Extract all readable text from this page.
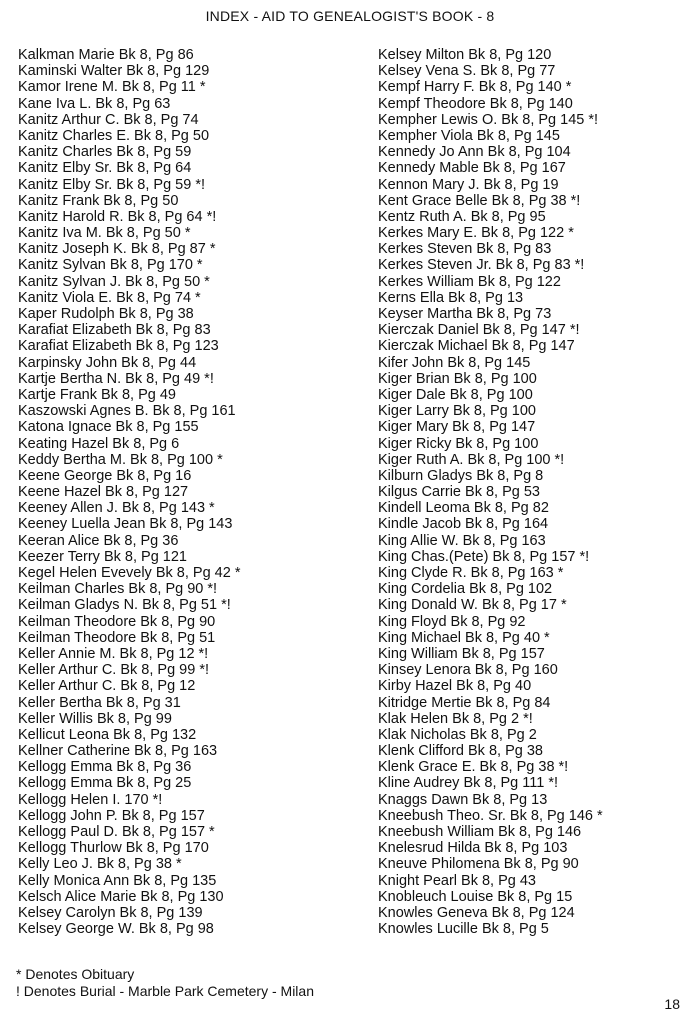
INDEX - AID TO GENEALOGIST'S BOOK - 8
Kalkman Marie Bk 8, Pg 86
Kaminski Walter Bk 8, Pg 129
Kamor Irene M. Bk 8, Pg 11 *
Kane Iva L. Bk 8, Pg 63
Kanitz Arthur C. Bk 8, Pg 74
Kanitz Charles E. Bk 8, Pg 50
Kanitz Charles Bk 8, Pg 59
Kanitz Elby Sr. Bk 8, Pg 64
Kanitz Elby Sr. Bk 8, Pg 59 *!
Kanitz Frank Bk 8, Pg 50
Kanitz Harold R. Bk 8, Pg 64 *!
Kanitz Iva M. Bk 8, Pg 50 *
Kanitz Joseph K. Bk 8, Pg 87 *
Kanitz Sylvan Bk 8, Pg 170 *
Kanitz Sylvan J. Bk 8, Pg 50 *
Kanitz Viola E. Bk 8, Pg 74 *
Kaper Rudolph Bk 8, Pg 38
Karafiat Elizabeth Bk 8, Pg 83
Karafiat Elizabeth Bk 8, Pg 123
Karpinsky John Bk 8, Pg 44
Kartje Bertha N. Bk 8, Pg 49 *!
Kartje Frank Bk 8, Pg 49
Kaszowski Agnes B. Bk 8, Pg 161
Katona Ignace Bk 8, Pg 155
Keating Hazel Bk 8, Pg 6
Keddy Bertha M. Bk 8, Pg 100 *
Keene George Bk 8, Pg 16
Keene Hazel Bk 8, Pg 127
Keeney Allen J. Bk 8, Pg 143 *
Keeney Luella Jean Bk 8, Pg 143
Keeran Alice Bk 8, Pg 36
Keezer Terry Bk 8, Pg 121
Kegel Helen Evevely Bk 8, Pg 42 *
Keilman Charles Bk 8, Pg 90 *!
Keilman Gladys N. Bk 8, Pg 51 *!
Keilman Theodore Bk 8, Pg 90
Keilman Theodore Bk 8, Pg 51
Keller Annie M. Bk 8, Pg 12 *!
Keller Arthur C. Bk 8, Pg 99 *!
Keller Arthur C. Bk 8, Pg 12
Keller Bertha Bk 8, Pg 31
Keller Willis Bk 8, Pg 99
Kellicut Leona Bk 8, Pg 132
Kellner Catherine Bk 8, Pg 163
Kellogg Emma Bk 8, Pg 36
Kellogg Emma Bk 8, Pg 25
Kellogg Helen I. 170 *!
Kellogg John P. Bk 8, Pg 157
Kellogg Paul D. Bk 8, Pg 157 *
Kellogg Thurlow Bk 8, Pg 170
Kelly Leo J. Bk 8, Pg 38 *
Kelly Monica Ann Bk 8, Pg 135
Kelsch Alice Marie Bk 8, Pg 130
Kelsey Carolyn Bk 8, Pg 139
Kelsey George W. Bk 8, Pg 98
Kelsey Milton Bk 8, Pg 120
Kelsey Vena S. Bk 8, Pg 77
Kempf Harry F. Bk 8, Pg 140 *
Kempf Theodore Bk 8, Pg 140
Kempher Lewis O. Bk 8, Pg 145 *!
Kempher Viola Bk 8, Pg 145
Kennedy Jo Ann Bk 8, Pg 104
Kennedy Mable Bk 8, Pg 167
Kennon Mary J. Bk 8, Pg 19
Kent Grace Belle Bk 8, Pg 38 *!
Kentz Ruth A. Bk 8, Pg 95
Kerkes Mary E. Bk 8, Pg 122 *
Kerkes Steven Bk 8, Pg 83
Kerkes Steven Jr. Bk 8, Pg 83 *!
Kerkes William Bk 8, Pg 122
Kerns Ella Bk 8, Pg 13
Keyser Martha Bk 8, Pg 73
Kierczak Daniel Bk 8, Pg 147 *!
Kierczak Michael Bk 8, Pg 147
Kifer John Bk 8, Pg 145
Kiger Brian Bk 8, Pg 100
Kiger Dale Bk 8, Pg 100
Kiger Larry Bk 8, Pg 100
Kiger Mary Bk 8, Pg 147
Kiger Ricky Bk 8, Pg 100
Kiger Ruth A. Bk 8, Pg 100 *!
Kilburn Gladys Bk 8, Pg 8
Kilgus Carrie Bk 8, Pg 53
Kindell Leoma Bk 8, Pg 82
Kindle Jacob Bk 8, Pg 164
King Allie W. Bk 8, Pg 163
King Chas.(Pete) Bk 8, Pg 157 *!
King Clyde R. Bk 8, Pg 163 *
King Cordelia Bk 8, Pg 102
King Donald W. Bk 8, Pg 17 *
King Floyd Bk 8, Pg 92
King Michael Bk 8, Pg 40 *
King William Bk 8, Pg 157
Kinsey Lenora Bk 8, Pg 160
Kirby Hazel Bk 8, Pg 40
Kitridge Mertie Bk 8, Pg 84
Klak Helen Bk 8, Pg 2 *!
Klak Nicholas Bk 8, Pg 2
Klenk Clifford Bk 8, Pg 38
Klenk Grace E. Bk 8, Pg 38 *!
Kline Audrey Bk 8, Pg 111 *!
Knaggs Dawn Bk 8, Pg 13
Kneebush Theo. Sr. Bk 8, Pg 146 *
Kneebush William Bk 8, Pg 146
Knelesrud Hilda Bk 8, Pg 103
Kneuve Philomena Bk 8, Pg 90
Knight Pearl Bk 8, Pg 43
Knobleuch Louise Bk 8, Pg 15
Knowles Geneva Bk 8, Pg 124
Knowles Lucille Bk 8, Pg 5
* Denotes Obituary
! Denotes Burial - Marble Park Cemetery - Milan
18
